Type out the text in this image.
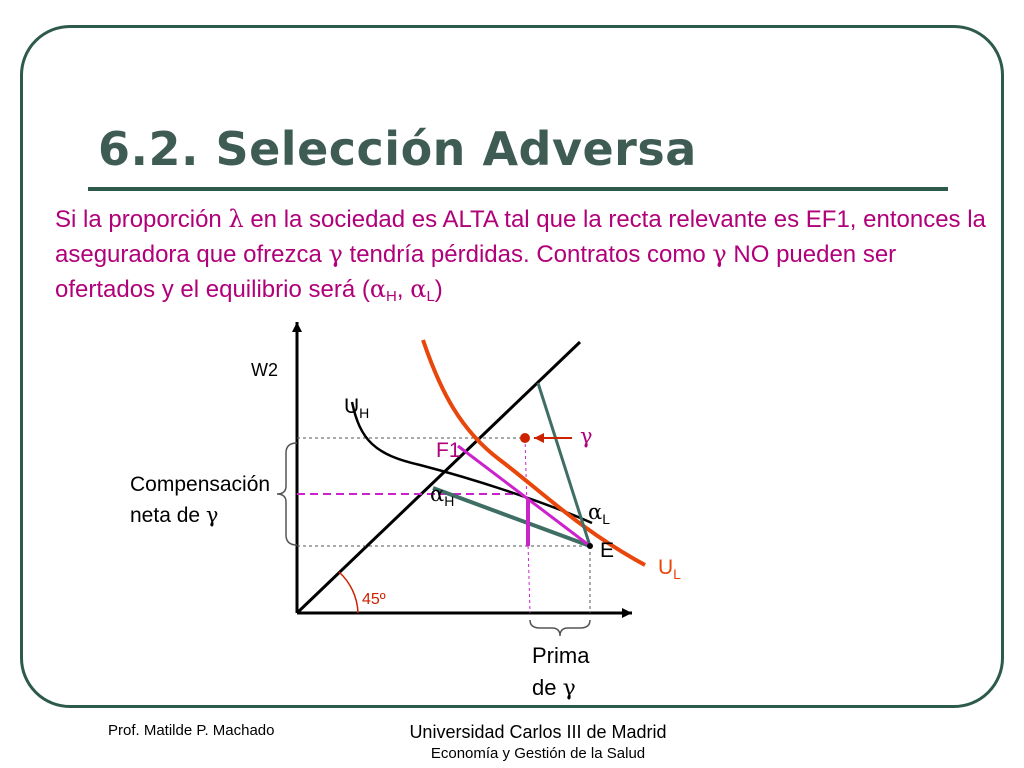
6.2. Selección Adversa
Si la proporción λ en la sociedad es ALTA tal que la recta relevante es EF1, entonces la aseguradora que ofrezca γ tendría pérdidas. Contratos como γ NO pueden ser ofertados y el equilibrio será ($\alpha_H$, $\alpha_L$)
W2
$U_H$
γ
F1
$\alpha_H$	$\alpha_L$
E
$U_L$
45º
Compensación
neta de γ
Prima
de γ
Prof. Matilde P. Machado	Universidad Carlos III de Madrid
Economía y Gestión de la Salud
